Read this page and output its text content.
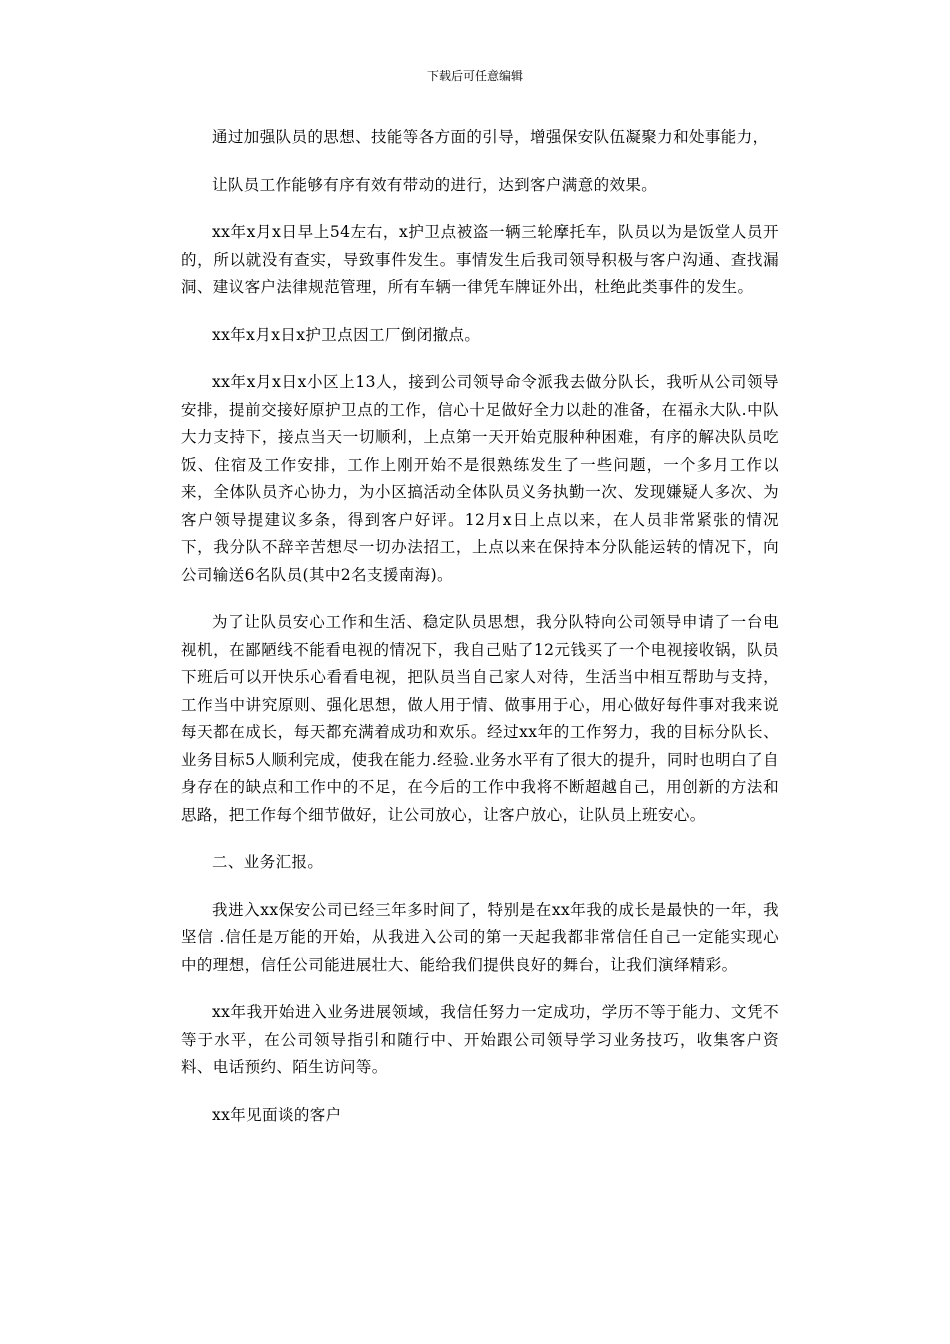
下载后可任意编辑

通过加强队员的思想、技能等各方面的引导，增强保安队伍凝聚力和处事能力，

让队员工作能够有序有效有带动的进行，达到客户满意的效果。

xx年x月x日早上54左右，x护卫点被盗一辆三轮摩托车，队员以为是饭堂人员开的，所以就没有查实，导致事件发生。事情发生后我司领导积极与客户沟通、查找漏洞、建议客户法律规范管理，所有车辆一律凭车牌证外出，杜绝此类事件的发生。

xx年x月x日x护卫点因工厂倒闭撤点。

xx年x月x日x小区上13人，接到公司领导命令派我去做分队长，我听从公司领导安排，提前交接好原护卫点的工作，信心十足做好全力以赴的准备，在福永大队.中队大力支持下，接点当天一切顺利，上点第一天开始克服种种困难，有序的解决队员吃饭、住宿及工作安排，工作上刚开始不是很熟练发生了一些问题，一个多月工作以来，全体队员齐心协力，为小区搞活动全体队员义务执勤一次、发现嫌疑人多次、为客户领导提建议多条，得到客户好评。12月x日上点以来，在人员非常紧张的情况下，我分队不辞辛苦想尽一切办法招工，上点以来在保持本分队能运转的情况下，向公司输送6名队员(其中2名支援南海)。

为了让队员安心工作和生活、稳定队员思想，我分队特向公司领导申请了一台电视机，在鄙陋线不能看电视的情况下，我自己贴了12元钱买了一个电视接收锅，队员下班后可以开快乐心看看电视，把队员当自己家人对待，生活当中相互帮助与支持，工作当中讲究原则、强化思想，做人用于情、做事用于心，用心做好每件事对我来说每天都在成长，每天都充满着成功和欢乐。经过xx年的工作努力，我的目标分队长、业务目标5人顺利完成，使我在能力.经验.业务水平有了很大的提升，同时也明白了自身存在的缺点和工作中的不足，在今后的工作中我将不断超越自己，用创新的方法和思路，把工作每个细节做好，让公司放心，让客户放心，让队员上班安心。

二、业务汇报。

我进入xx保安公司已经三年多时间了，特别是在xx年我的成长是最快的一年，我坚信 .信任是万能的开始，从我进入公司的第一天起我都非常信任自己一定能实现心中的理想，信任公司能进展壮大、能给我们提供良好的舞台，让我们演绎精彩。

xx年我开始进入业务进展领域，我信任努力一定成功，学历不等于能力、文凭不等于水平，在公司领导指引和随行中、开始跟公司领导学习业务技巧，收集客户资料、电话预约、陌生访问等。

xx年见面谈的客户
